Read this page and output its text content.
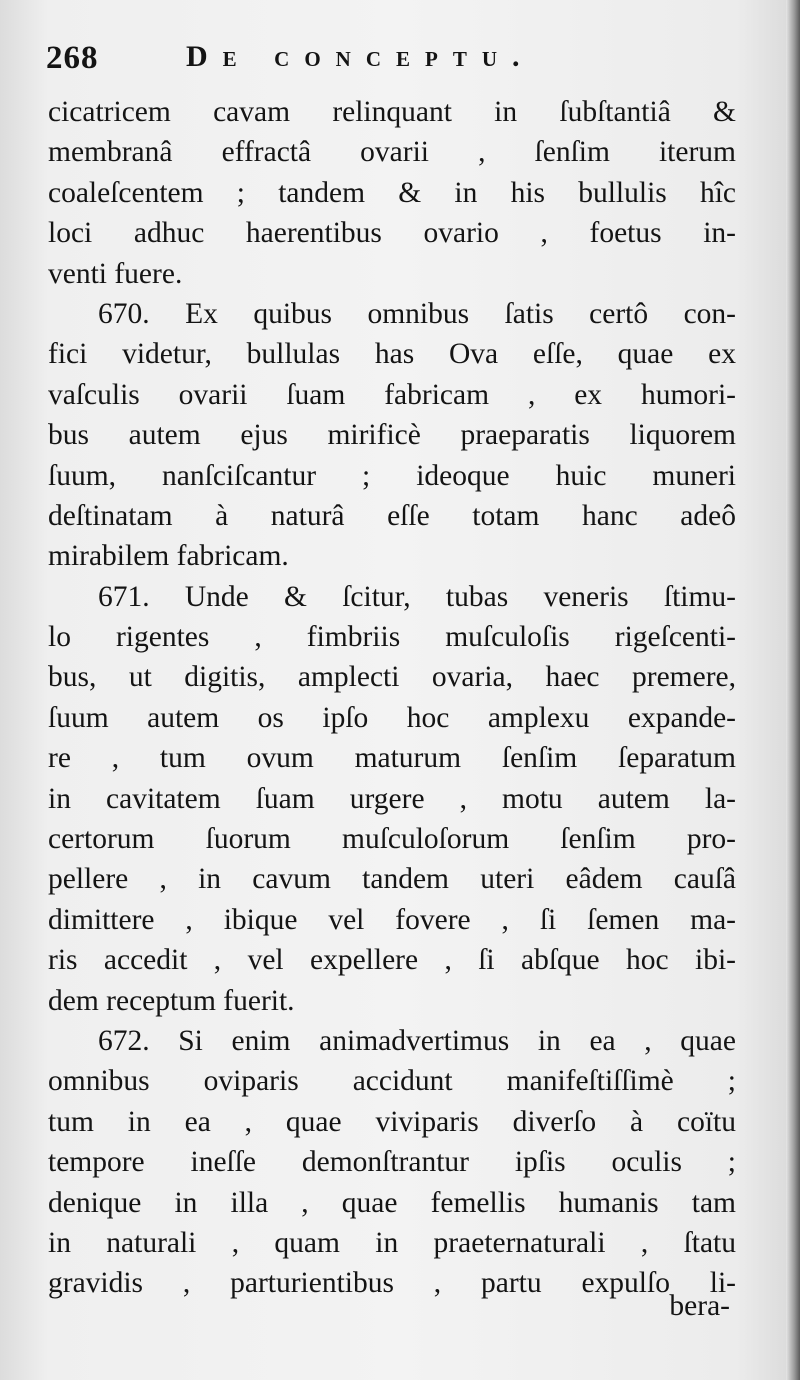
268	De conceptu.
cicatricem cavam relinquant in ſubſtantiâ &
membranâ effractâ ovarii , ſenſim iterum
coaleſcentem ; tandem & in his bullulis hîc
loci adhuc haerentibus ovario , foetus in-
venti fuere.
670. Ex quibus omnibus ſatis certô con-
fici videtur, bullulas has Ova eſſe, quae ex
vaſculis ovarii ſuam fabricam , ex humori-
bus autem ejus mirificè praeparatis liquorem
ſuum, nanſciſcantur ; ideoque huic muneri
deſtinatam à naturâ eſſe totam hanc adeô
mirabilem fabricam.
671. Unde & ſcitur, tubas veneris ſtimu-
lo rigentes , fimbriis muſculoſis rigeſcenti-
bus, ut digitis, amplecti ovaria, haec premere,
ſuum autem os ipſo hoc amplexu expande-
re , tum ovum maturum ſenſim ſeparatum
in cavitatem ſuam urgere , motu autem la-
certorum ſuorum muſculoſorum ſenſim pro-
pellere , in cavum tandem uteri eâdem cauſâ
dimittere , ibique vel fovere , ſi ſemen ma-
ris accedit , vel expellere , ſi abſque hoc ibi-
dem receptum fuerit.
672. Si enim animadvertimus in ea , quae
omnibus oviparis accidunt manifeſtiſſimè ;
tum in ea , quae viviparis diverſo à coïtu
tempore ineſſe demonſtrantur ipſis oculis ;
denique in illa , quae femellis humanis tam
in naturali , quam in praeternaturali , ſtatu
gravidis , parturientibus , partu expulſo li-
bera-
